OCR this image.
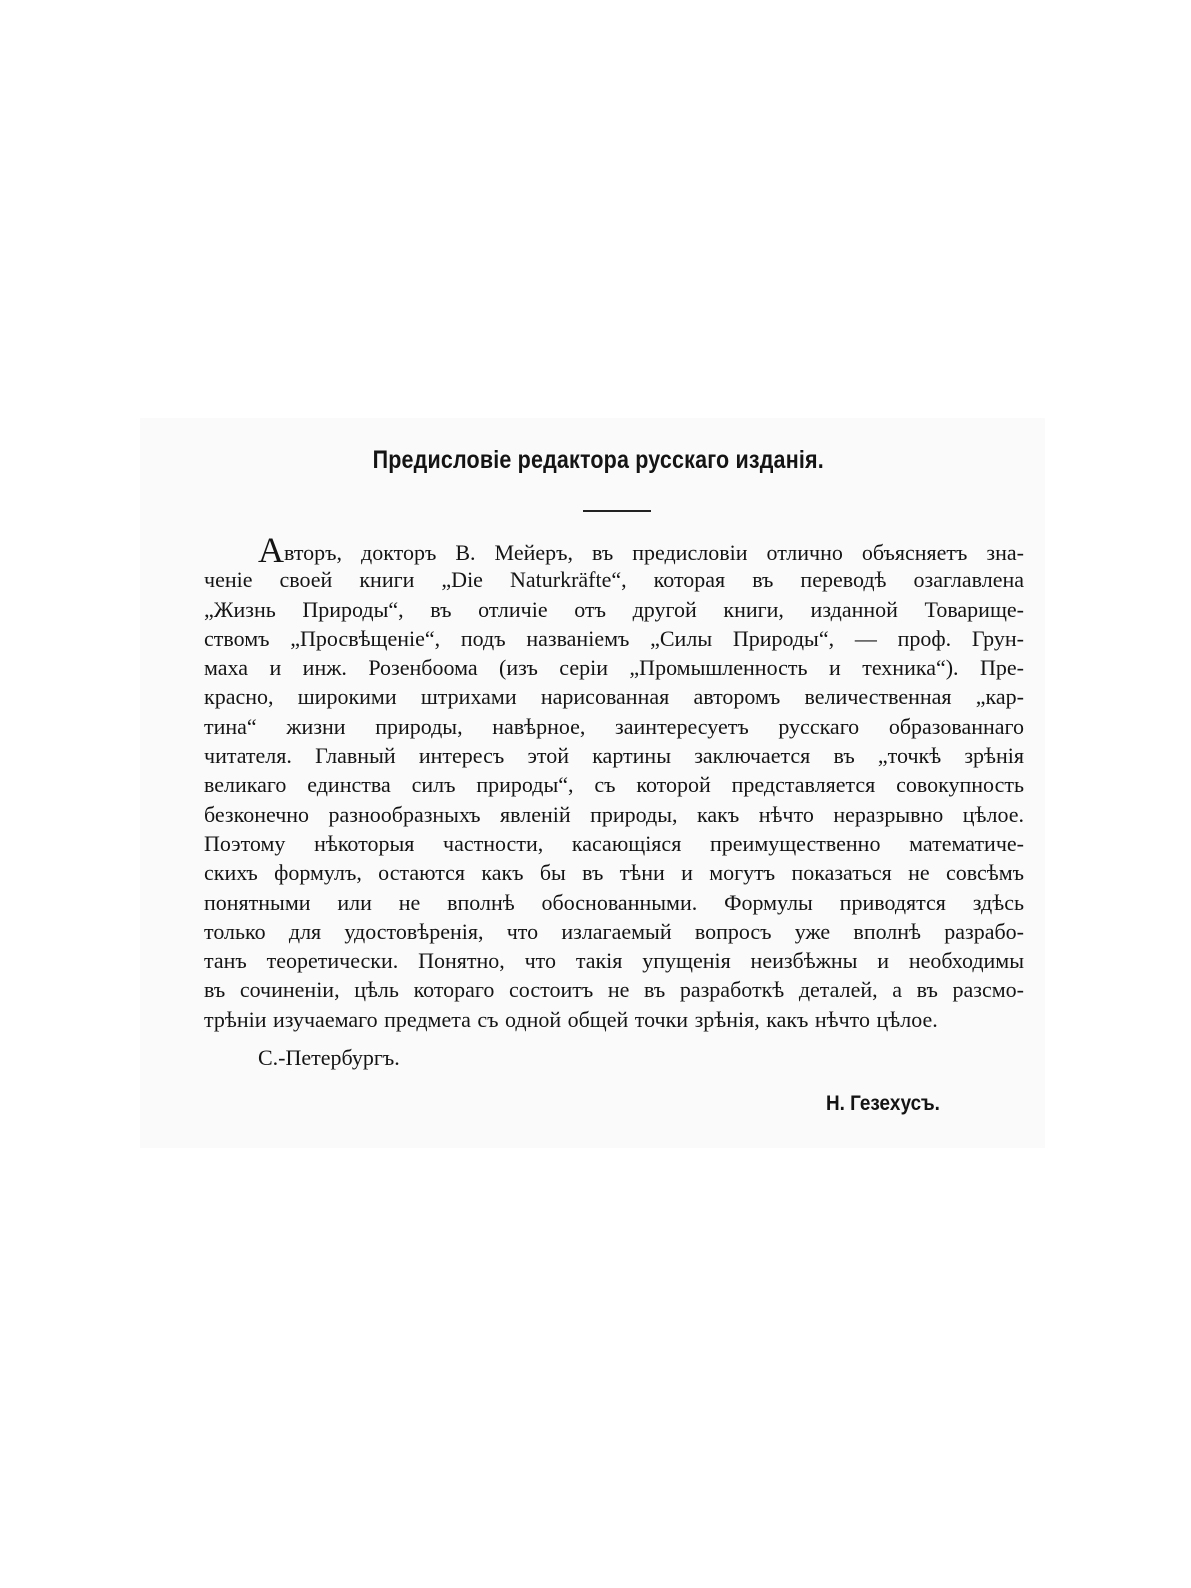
Предисловіе редактора русскаго изданія.
Авторъ, докторъ В. Мейеръ, въ предисловіи отлично объясняетъ зна-
ченіе своей книги „Die Naturkräfte“, которая въ переводѣ озаглавлена
„Жизнь Природы“, въ отличіе отъ другой книги, изданной Товарище-
ствомъ „Просвѣщеніе“, подъ названіемъ „Силы Природы“, — проф. Грун-
маха и инж. Розенбоома (изъ серіи „Промышленность и техника“). Пре-
красно, широкими штрихами нарисованная авторомъ величественная „кар-
тина“ жизни природы, навѣрное, заинтересуетъ русскаго образованнаго
читателя. Главный интересъ этой картины заключается въ „точкѣ зрѣнія
великаго единства силъ природы“, съ которой представляется совокупность
безконечно разнообразныхъ явленій природы, какъ нѣчто неразрывно цѣлое.
Поэтому нѣкоторыя частности, касающіяся преимущественно математиче-
скихъ формулъ, остаются какъ бы въ тѣни и могутъ показаться не совсѣмъ
понятными или не вполнѣ обоснованными. Формулы приводятся здѣсь
только для удостовѣренія, что излагаемый вопросъ уже вполнѣ разрабо-
танъ теоретически. Понятно, что такія упущенія неизбѣжны и необходимы
въ сочиненіи, цѣль котораго состоитъ не въ разработкѣ деталей, а въ разсмо-
трѣніи изучаемаго предмета съ одной общей точки зрѣнія, какъ нѣчто цѣлое.
С.-Петербургъ.
Н. Гезехусъ.
